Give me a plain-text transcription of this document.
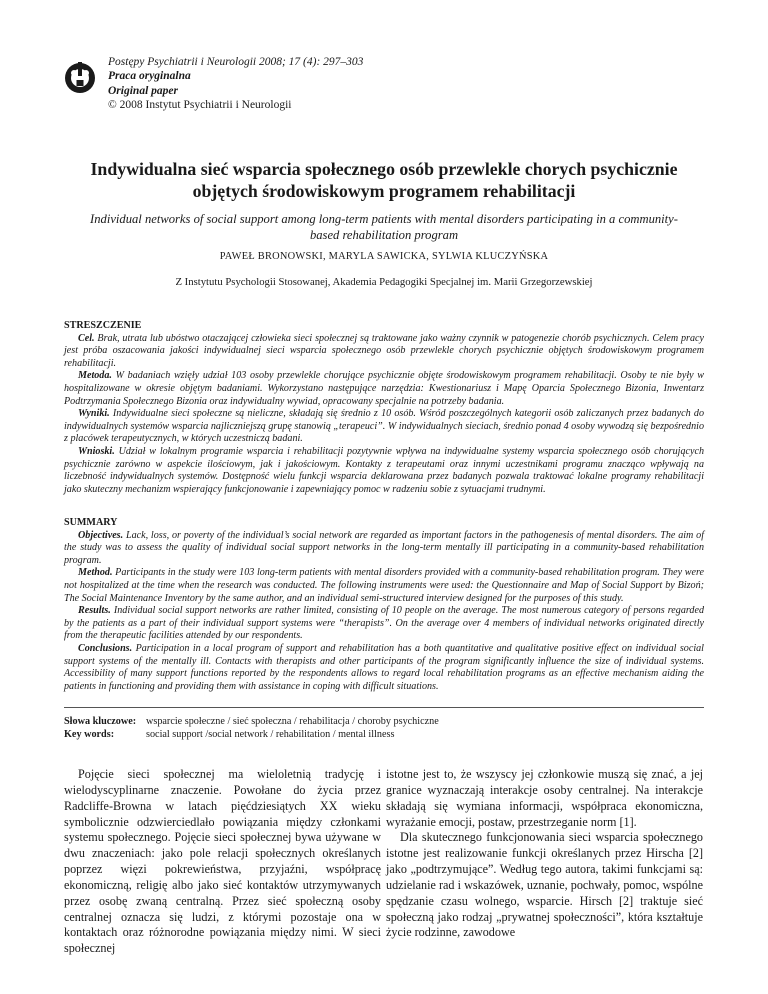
Postępy Psychiatrii i Neurologii 2008; 17 (4): 297–303
Praca oryginalna
Original paper
© 2008 Instytut Psychiatrii i Neurologii
Indywidualna sieć wsparcia społecznego osób przewlekle chorych psychicznie objętych środowiskowym programem rehabilitacji
Individual networks of social support among long-term patients with mental disorders participating in a community-based rehabilitation program
PAWEŁ BRONOWSKI, MARYLA SAWICKA, SYLWIA KLUCZYŃSKA
Z Instytutu Psychologii Stosowanej, Akademia Pedagogiki Specjalnej im. Marii Grzegorzewskiej
STRESZCZENIE

Cel. Brak, utrata lub ubóstwo otaczającej człowieka sieci społecznej są traktowane jako ważny czynnik w patogenezie chorób psychicznych. Celem pracy jest próba oszacowania jakości indywidualnej sieci wsparcia społecznego osób przewlekle chorych psychicznie objętych środowiskowym programem rehabilitacji.

Metoda. W badaniach wzięły udział 103 osoby przewlekle chorujące psychicznie objęte środowiskowym programem rehabilitacji. Osoby te nie były w hospitalizowane w okresie objętym badaniami. Wykorzystano następujące narzędzia: Kwestionariusz i Mapę Oparcia Społecznego Bizonia, Inwentarz Podtrzymania Społecznego Bizonia oraz indywidualny wywiad, opracowany specjalnie na potrzeby badania.

Wyniki. Indywidualne sieci społeczne są nieliczne, składają się średnio z 10 osób. Wśród poszczególnych kategorii osób zaliczanych przez badanych do indywidualnych systemów wsparcia najliczniejszą grupę stanowią „terapeuci”. W indywidualnych sieciach, średnio ponad 4 osoby wywodzą się bezpośrednio z placówek terapeutycznych, w których uczestniczą badani.

Wnioski. Udział w lokalnym programie wsparcia i rehabilitacji pozytywnie wpływa na indywidualne systemy wsparcia społecznego osób chorujących psychicznie zarówno w aspekcie ilościowym, jak i jakościowym. Kontakty z terapeutami oraz innymi uczestnikami programu znacząco wpływają na liczebność indywidualnych systemów. Dostępność wielu funkcji wsparcia deklarowana przez badanych pozwala traktować lokalne programy rehabilitacji jako skuteczny mechanizm wspierający funkcjonowanie i zapewniający pomoc w radzeniu sobie z sytuacjami trudnymi.

SUMMARY

Objectives. Lack, loss, or poverty of the individual’s social network are regarded as important factors in the pathogenesis of mental disorders. The aim of the study was to assess the quality of individual social support networks in the long-term mentally ill participating in a community-based rehabilitation program.

Method. Participants in the study were 103 long-term patients with mental disorders provided with a community-based rehabilitation program. They were not hospitalized at the time when the research was conducted. The following instruments were used: the Questionnaire and Map of Social Support by Bizoń; The Social Maintenance Inventory by the same author, and an individual semi-structured interview designed for the purposes of this study.

Results. Individual social support networks are rather limited, consisting of 10 people on the average. The most numerous category of persons regarded by the patients as a part of their individual support systems were “therapists”. On the average over 4 members of individual networks originated directly from the therapeutic facilities attended by our respondents.

Conclusions. Participation in a local program of support and rehabilitation has a both quantitative and qualitative positive effect on individual social support systems of the mentally ill. Contacts with therapists and other participants of the program significantly influence the size of individual systems. Accessibility of many support functions reported by the respondents allows to regard local rehabilitation programs as an effective mechanism aiding the patients in functioning and providing them with assistance in coping with difficult situations.

Słowa kluczowe: wsparcie społeczne / sieć społeczna / rehabilitacja / choroby psychiczne
Key words:	social support /social network / rehabilitation / mental illness

Pojęcie sieci społecznej ma wieloletnią tradycję i wielodyscyplinarne znaczenie. Powołane do życia przez Radcliffe-Browna w latach pięćdziesiątych XX wieku symbolicznie odzwierciedlało powiązania między członkami systemu społecznego. Pojęcie sieci społecznej bywa używane w dwu znaczeniach: jako pole relacji społecznych określanych poprzez więzi pokrewieństwa, przyjaźni, współpracę ekonomiczną, religię albo jako sieć kontaktów utrzymywanych przez osobę zwaną centralną. Przez sieć społeczną osoby centralnej oznacza się ludzi, z którymi pozostaje ona w kontaktach oraz różnorodne powiązania między nimi. W sieci społecznej

istotne jest to, że wszyscy jej członkowie muszą się znać, a jej granice wyznaczają interakcje osoby centralnej. Na interakcje składają się wymiana informacji, współpraca ekonomiczna, wyrażanie emocji, postaw, przestrzeganie norm [1].

Dla skutecznego funkcjonowania sieci wsparcia społecznego istotne jest realizowanie funkcji określanych przez Hirscha [2] jako „podtrzymujące”. Według tego autora, takimi funkcjami są: udzielanie rad i wskazówek, uznanie, pochwały, pomoc, wspólne spędzanie czasu wolnego, wsparcie. Hirsch [2] traktuje sieć społeczną jako rodzaj „prywatnej społeczności”, która kształtuje życie rodzinne, zawodowe
